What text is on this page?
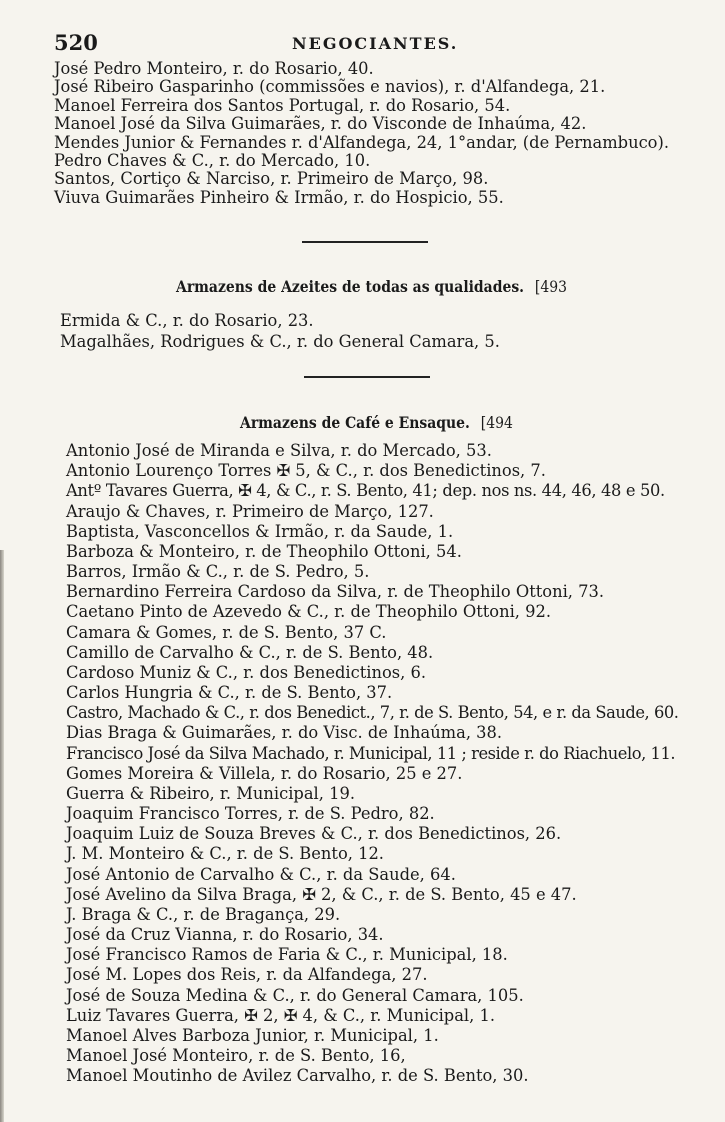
520	NEGOCIANTES.
José Pedro Monteiro, r. do Rosario, 40.
José Ribeiro Gasparinho (commissões e navios), r. d'Alfandega, 21.
Manoel Ferreira dos Santos Portugal, r. do Rosario, 54.
Manoel José da Silva Guimarães, r. do Visconde de Inhaúma, 42.
Mendes Junior & Fernandes r. d'Alfandega, 24, 1°andar, (de Pernambuco).
Pedro Chaves & C., r. do Mercado, 10.
Santos, Cortiço & Narciso, r. Primeiro de Março, 98.
Viuva Guimarães Pinheiro & Irmão, r. do Hospicio, 55.
Armazens de Azeites de todas as qualidades. [493
Ermida & C., r. do Rosario, 23.
Magalhães, Rodrigues & C., r. do General Camara, 5.
Armazens de Café e Ensaque. [494
Antonio José de Miranda e Silva, r. do Mercado, 53.
Antonio Lourenço Torres ✠ 5, & C., r. dos Benedictinos, 7.
Antº Tavares Guerra, ✠ 4, & C., r. S. Bento, 41; dep. nos ns. 44, 46, 48 e 50.
Araujo & Chaves, r. Primeiro de Março, 127.
Baptista, Vasconcellos & Irmão, r. da Saude, 1.
Barboza & Monteiro, r. de Theophilo Ottoni, 54.
Barros, Irmão & C., r. de S. Pedro, 5.
Bernardino Ferreira Cardoso da Silva, r. de Theophilo Ottoni, 73.
Caetano Pinto de Azevedo & C., r. de Theophilo Ottoni, 92.
Camara & Gomes, r. de S. Bento, 37 C.
Camillo de Carvalho & C., r. de S. Bento, 48.
Cardoso Muniz & C., r. dos Benedictinos, 6.
Carlos Hungria & C., r. de S. Bento, 37.
Castro, Machado & C., r. dos Benedict., 7, r. de S. Bento, 54, e r. da Saude, 60.
Dias Braga & Guimarães, r. do Visc. de Inhaúma, 38.
Francisco José da Silva Machado, r. Municipal, 11 ; reside r. do Riachuelo, 11.
Gomes Moreira & Villela, r. do Rosario, 25 e 27.
Guerra & Ribeiro, r. Municipal, 19.
Joaquim Francisco Torres, r. de S. Pedro, 82.
Joaquim Luiz de Souza Breves & C., r. dos Benedictinos, 26.
J. M. Monteiro & C., r. de S. Bento, 12.
José Antonio de Carvalho & C., r. da Saude, 64.
José Avelino da Silva Braga, ✠ 2, & C., r. de S. Bento, 45 e 47.
J. Braga & C., r. de Bragança, 29.
José da Cruz Vianna, r. do Rosario, 34.
José Francisco Ramos de Faria & C., r. Municipal, 18.
José M. Lopes dos Reis, r. da Alfandega, 27.
José de Souza Medina & C., r. do General Camara, 105.
Luiz Tavares Guerra, ✠ 2, ✠ 4, & C., r. Municipal, 1.
Manoel Alves Barboza Junior, r. Municipal, 1.
Manoel José Monteiro, r. de S. Bento, 16,
Manoel Moutinho de Avilez Carvalho, r. de S. Bento, 30.
